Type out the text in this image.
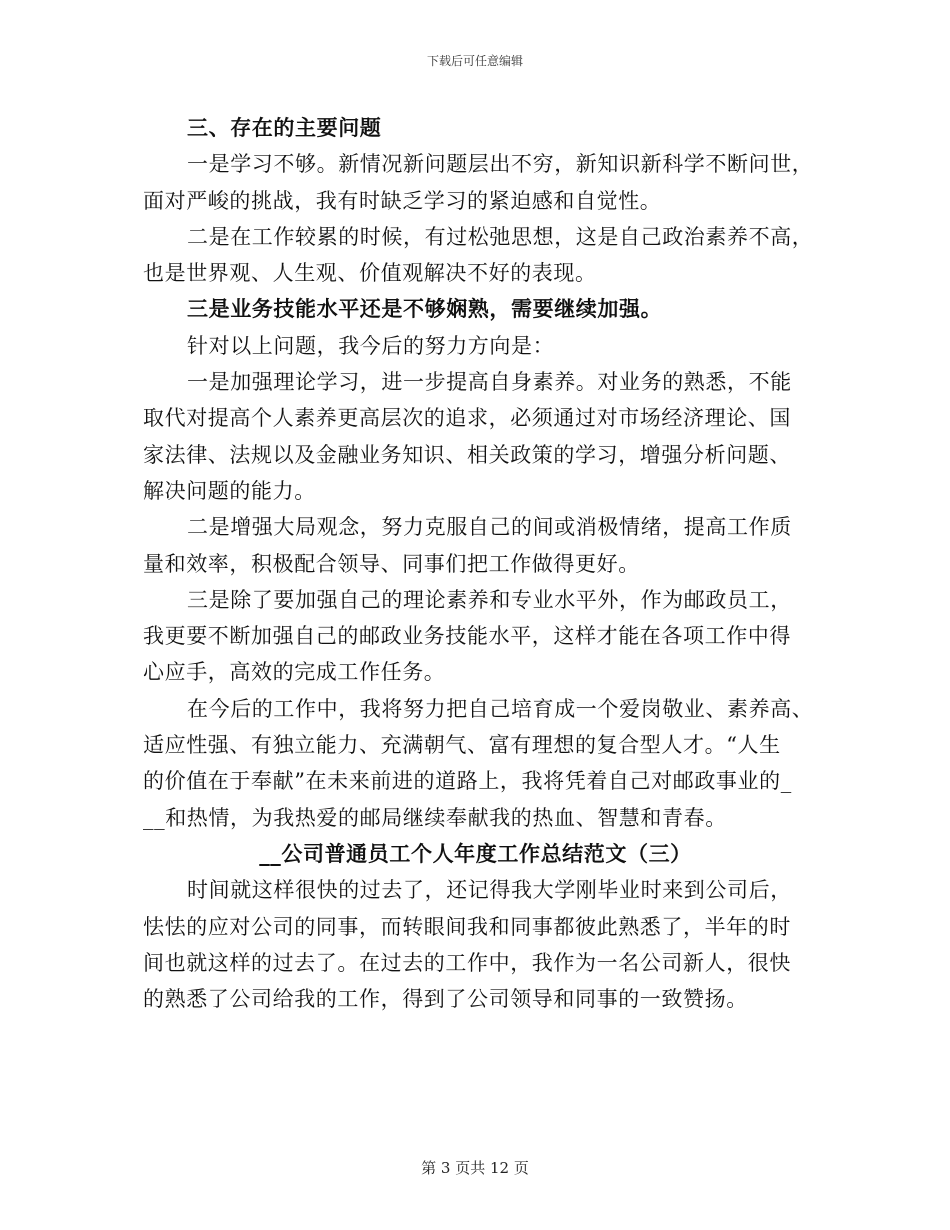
下载后可任意编辑
三、存在的主要问题
一是学习不够。新情况新问题层出不穷，新知识新科学不断问世，
面对严峻的挑战，我有时缺乏学习的紧迫感和自觉性。
二是在工作较累的时候，有过松弛思想，这是自己政治素养不高，
也是世界观、人生观、价值观解决不好的表现。
三是业务技能水平还是不够娴熟，需要继续加强。
针对以上问题，我今后的努力方向是：
一是加强理论学习，进一步提高自身素养。对业务的熟悉，不能
取代对提高个人素养更高层次的追求，必须通过对市场经济理论、国
家法律、法规以及金融业务知识、相关政策的学习，增强分析问题、
解决问题的能力。
二是增强大局观念，努力克服自己的间或消极情绪，提高工作质
量和效率，积极配合领导、同事们把工作做得更好。
三是除了要加强自己的理论素养和专业水平外，作为邮政员工，
我更要不断加强自己的邮政业务技能水平，这样才能在各项工作中得
心应手，高效的完成工作任务。
在今后的工作中，我将努力把自己培育成一个爱岗敬业、素养高、
适应性强、有独立能力、充满朝气、富有理想的复合型人才。“人生
的价值在于奉献”在未来前进的道路上，我将凭着自己对邮政事业的_
__和热情，为我热爱的邮局继续奉献我的热血、智慧和青春。
__公司普通员工个人年度工作总结范文（三）
时间就这样很快的过去了，还记得我大学刚毕业时来到公司后，
怯怯的应对公司的同事，而转眼间我和同事都彼此熟悉了，半年的时
间也就这样的过去了。在过去的工作中，我作为一名公司新人，很快
的熟悉了公司给我的工作，得到了公司领导和同事的一致赞扬。
第 3 页共 12 页
